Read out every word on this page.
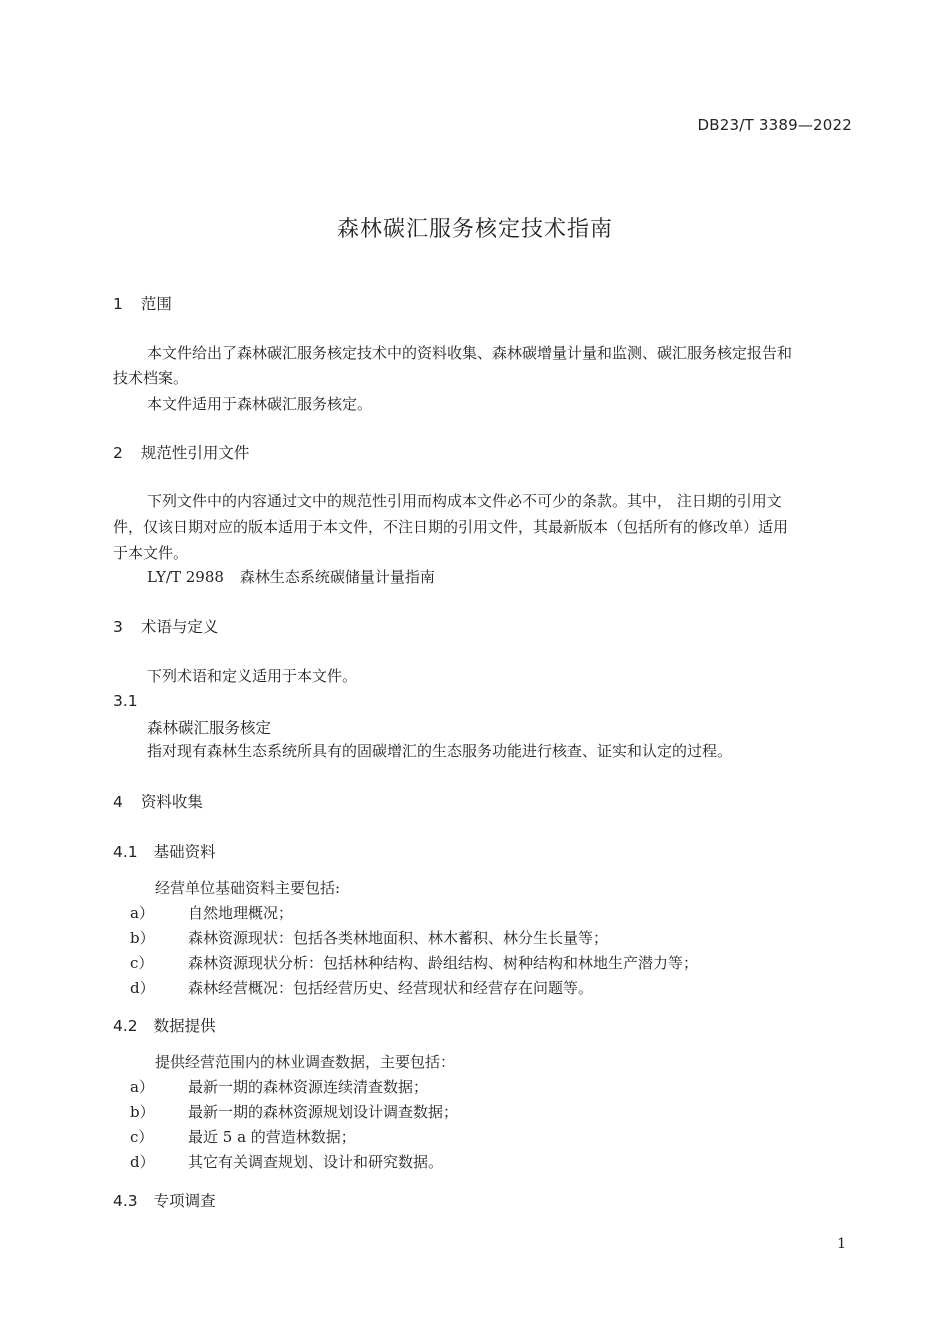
DB23/T 3389—2022
森林碳汇服务核定技术指南
1 范围
本文件给出了森林碳汇服务核定技术中的资料收集、森林碳增量计量和监测、碳汇服务核定报告和
技术档案。
本文件适用于森林碳汇服务核定。
2 规范性引用文件
下列文件中的内容通过文中的规范性引用而构成本文件必不可少的条款。其中， 注日期的引用文
件，仅该日期对应的版本适用于本文件，不注日期的引用文件，其最新版本（包括所有的修改单）适用
于本文件。
LY/T 2988 森林生态系统碳储量计量指南
3 术语与定义
下列术语和定义适用于本文件。
3.1
森林碳汇服务核定
指对现有森林生态系统所具有的固碳增汇的生态服务功能进行核查、证实和认定的过程。
4 资料收集
4.1 基础资料
经营单位基础资料主要包括:
a） 自然地理概况；
b） 森林资源现状：包括各类林地面积、林木蓄积、林分生长量等；
c） 森林资源现状分析：包括林种结构、龄组结构、树种结构和林地生产潜力等；
d） 森林经营概况：包括经营历史、经营现状和经营存在问题等。
4.2 数据提供
提供经营范围内的林业调查数据，主要包括：
a） 最新一期的森林资源连续清查数据；
b） 最新一期的森林资源规划设计调查数据；
c） 最近 5 a 的营造林数据；
d） 其它有关调查规划、设计和研究数据。
4.3 专项调查
1
